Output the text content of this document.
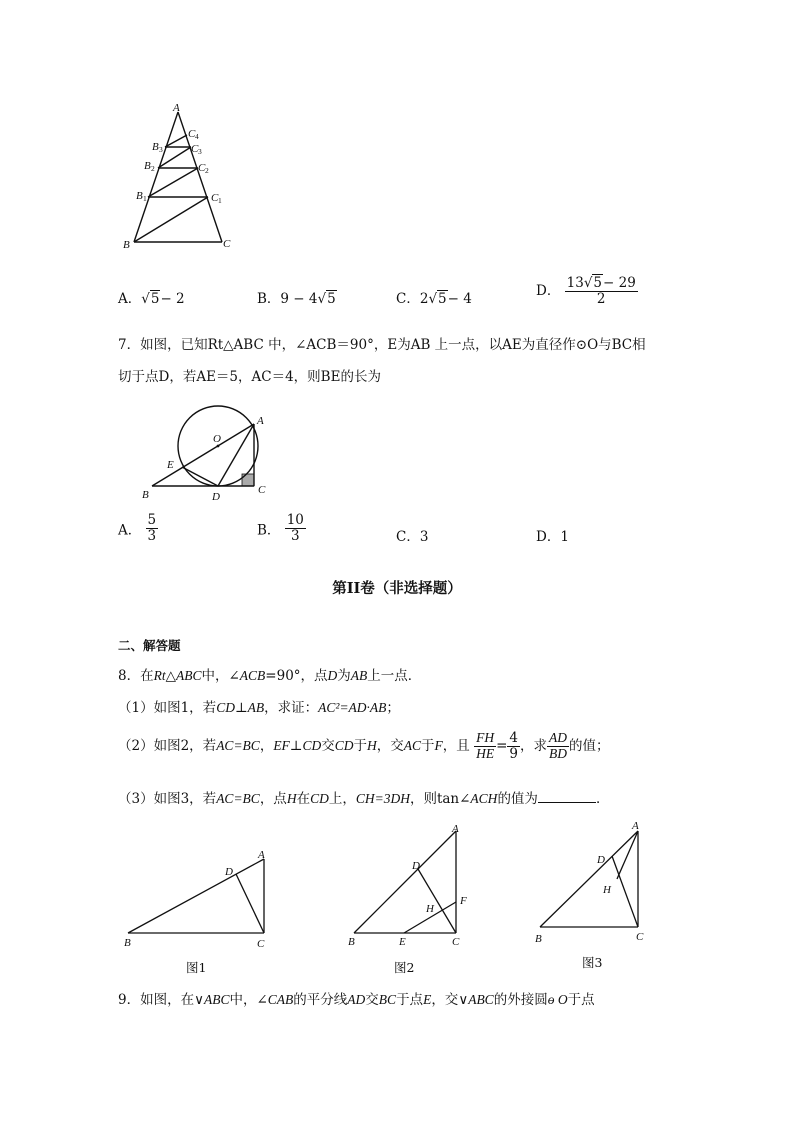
A
B	C
B 1	C 1
B 2	C 2
B 3	C 3
C 4
A．√5− 2	B．9 − 4√5	C．2√5− 4
D． $\frac{13√5- 29}{2}$
7．如图，已知Rt△ABC 中，∠ACB＝90°，E为AB 上一点，以AE为直径作⊙O与BC相
切于点D，若AE＝5，AC＝4，则BE的长为
A
O
E
B	D
C
A． $\frac{5}{3}$	B． $\frac{10}{3}$	C．3	D．1
第II卷（非选择题）
二、解答题
8．在Rt△ABC中，∠ACB=90°，点D为AB上一点．
（1）如图1，若CD⊥AB，求证：AC²=AD·AB；
（2）如图2，若AC=BC，EF⊥CD交CD于H，交AC于F，且 $\frac{FH}{HE} = \frac{4}{9}$ ，求 $\frac{AD}{BD}$ 的值；
（3）如图3，若AC=BC，点H在CD上，CH=3DH，则tan∠ACH的值为	．
A
D
B	C
图1
A
D
F
H
B	E	C
图2
A
D
H
B	C
图3
9．如图，在∨ABC中，∠CAB的平分线AD交BC于点E，交∨ABC的外接圆ɵ O于点
